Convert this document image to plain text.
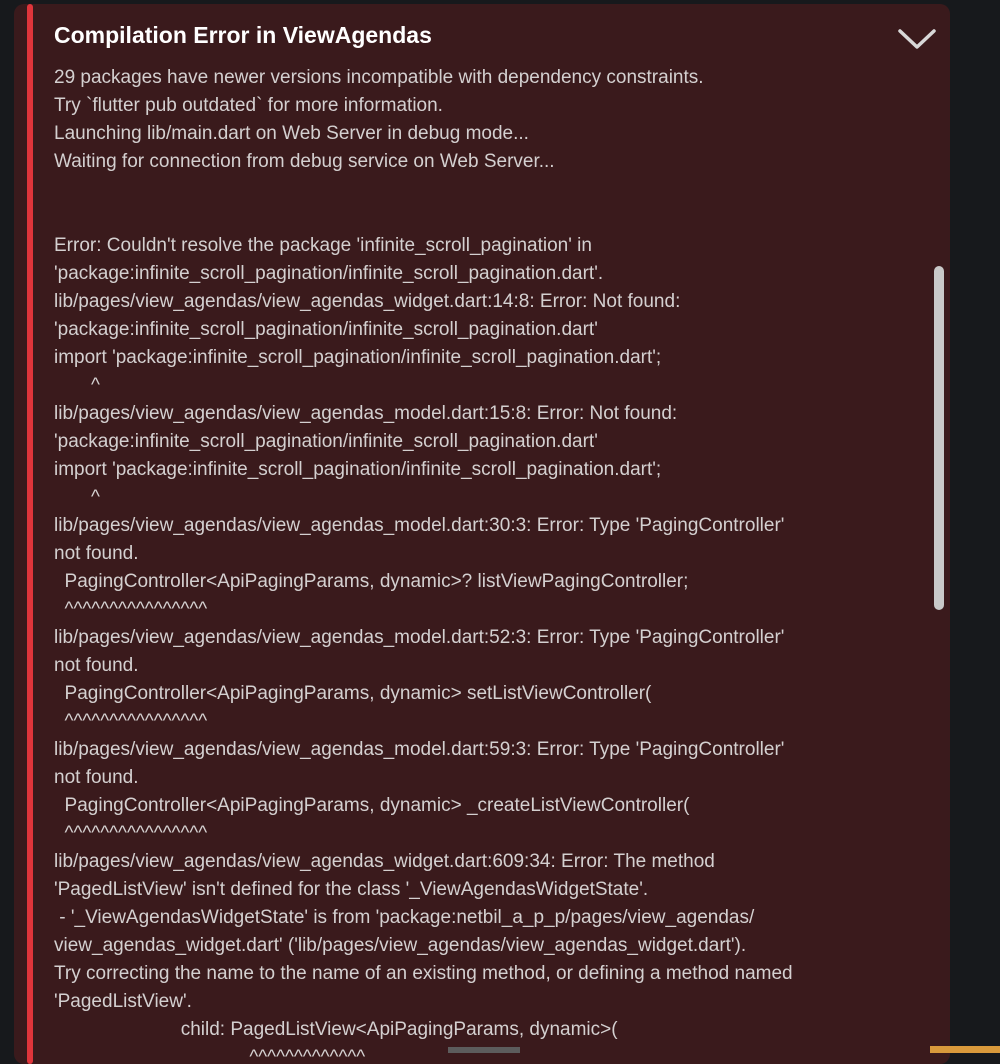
Compilation Error in ViewAgendas
29 packages have newer versions incompatible with dependency constraints.
Try `flutter pub outdated` for more information.
Launching lib/main.dart on Web Server in debug mode...
Waiting for connection from debug service on Web Server...
Error: Couldn't resolve the package 'infinite_scroll_pagination' in
'package:infinite_scroll_pagination/infinite_scroll_pagination.dart'.
lib/pages/view_agendas/view_agendas_widget.dart:14:8: Error: Not found:
'package:infinite_scroll_pagination/infinite_scroll_pagination.dart'
import 'package:infinite_scroll_pagination/infinite_scroll_pagination.dart';
^
lib/pages/view_agendas/view_agendas_model.dart:15:8: Error: Not found:
'package:infinite_scroll_pagination/infinite_scroll_pagination.dart'
import 'package:infinite_scroll_pagination/infinite_scroll_pagination.dart';
^
lib/pages/view_agendas/view_agendas_model.dart:30:3: Error: Type 'PagingController'
not found.
PagingController<ApiPagingParams, dynamic>? listViewPagingController;
^^^^^^^^^^^^^^^^
lib/pages/view_agendas/view_agendas_model.dart:52:3: Error: Type 'PagingController'
not found.
PagingController<ApiPagingParams, dynamic> setListViewController(
^^^^^^^^^^^^^^^^
lib/pages/view_agendas/view_agendas_model.dart:59:3: Error: Type 'PagingController'
not found.
PagingController<ApiPagingParams, dynamic> _createListViewController(
^^^^^^^^^^^^^^^^
lib/pages/view_agendas/view_agendas_widget.dart:609:34: Error: The method
'PagedListView' isn't defined for the class '_ViewAgendasWidgetState'.
- '_ViewAgendasWidgetState' is from 'package:netbil_a_p_p/pages/view_agendas/
view_agendas_widget.dart' ('lib/pages/view_agendas/view_agendas_widget.dart').
Try correcting the name to the name of an existing method, or defining a method named
'PagedListView'.
child: PagedListView<ApiPagingParams, dynamic>(
^^^^^^^^^^^^^
